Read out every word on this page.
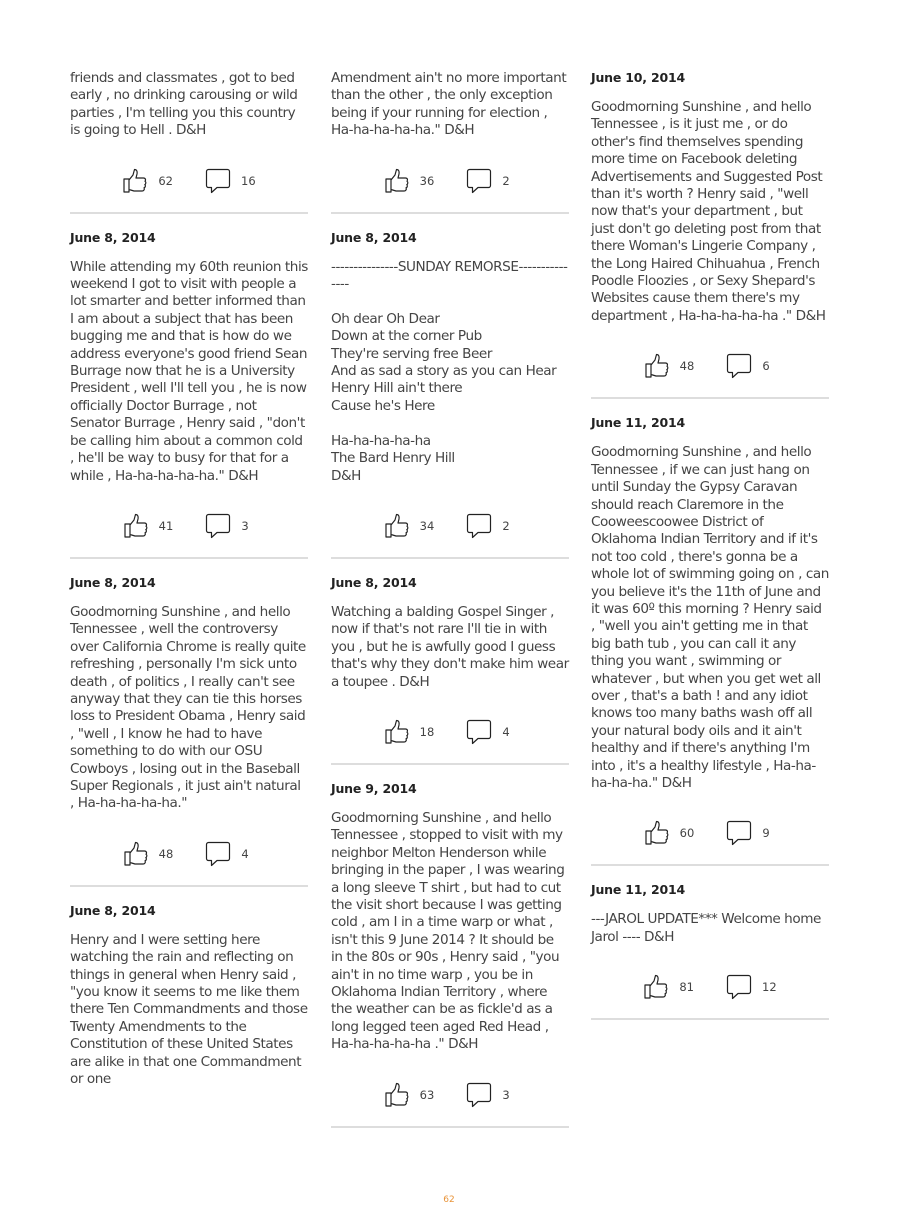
friends and classmates , got to bed early , no drinking carousing or wild parties , I'm telling you this country is going to Hell . D&H

62	16

June 8, 2014

While attending my 60th reunion this weekend I got to visit with people a lot smarter and better informed than I am about a subject that has been bugging me and that is how do we address everyone's good friend Sean Burrage now that he is a University President , well I'll tell you , he is now officially Doctor Burrage , not Senator Burrage , Henry said , "don't be calling him about a common cold , he'll be way to busy for that for a while , Ha-ha-ha-ha-ha." D&H

41	3

June 8, 2014

Goodmorning Sunshine , and hello Tennessee , well the controversy over California Chrome is really quite refreshing , personally I'm sick unto death , of politics , I really can't see anyway that they can tie this horses loss to President Obama , Henry said , "well , I know he had to have something to do with our OSU Cowboys , losing out in the Baseball Super Regionals , it just ain't natural , Ha-ha-ha-ha-ha."

48	4

June 8, 2014

Henry and I were setting here watching the rain and reflecting on things in general when Henry said , "you know it seems to me like them there Ten Commandments and those Twenty Amendments to the Constitution of these United States are alike in that one Commandment or one

Amendment ain't no more important than the other , the only exception being if your running for election , Ha-ha-ha-ha-ha." D&H

36	2

June 8, 2014

---------------SUNDAY REMORSE---------------

Oh dear Oh Dear
Down at the corner Pub
They're serving free Beer
And as sad a story as you can Hear
Henry Hill ain't there
Cause he's Here

Ha-ha-ha-ha-ha
The Bard Henry Hill
D&H

34	2

June 8, 2014

Watching a balding Gospel Singer , now if that's not rare I'll tie in with you , but he is awfully good I guess that's why they don't make him wear a toupee . D&H

18	4

June 9, 2014

Goodmorning Sunshine , and hello Tennessee , stopped to visit with my neighbor Melton Henderson while bringing in the paper , I was wearing a long sleeve T shirt , but had to cut the visit short because I was getting cold , am I in a time warp or what , isn't this 9 June 2014 ? It should be in the 80s or 90s , Henry said , "you ain't in no time warp , you be in Oklahoma Indian Territory , where the weather can be as fickle'd as a long legged teen aged Red Head , Ha-ha-ha-ha-ha ." D&H

63	3

June 10, 2014

Goodmorning Sunshine , and hello Tennessee , is it just me , or do other's find themselves spending more time on Facebook deleting Advertisements and Suggested Post than it's worth ? Henry said , "well now that's your department , but just don't go deleting post from that there Woman's Lingerie Company , the Long Haired Chihuahua , French Poodle Floozies , or Sexy Shepard's Websites cause them there's my department , Ha-ha-ha-ha-ha ." D&H

48	6

June 11, 2014

Goodmorning Sunshine , and hello Tennessee , if we can just hang on until Sunday the Gypsy Caravan should reach Claremore in the Cooweescoowee District of Oklahoma Indian Territory and if it's not too cold , there's gonna be a whole lot of swimming going on , can you believe it's the 11th of June and it was 60º this morning ? Henry said , "well you ain't getting me in that big bath tub , you can call it any thing you want , swimming or whatever , but when you get wet all over , that's a bath ! and any idiot knows too many baths wash off all your natural body oils and it ain't healthy and if there's anything I'm into , it's a healthy lifestyle , Ha-ha-ha-ha-ha." D&H

60	9

June 11, 2014

---JAROL UPDATE*** Welcome home Jarol ---- D&H

81	12
62
